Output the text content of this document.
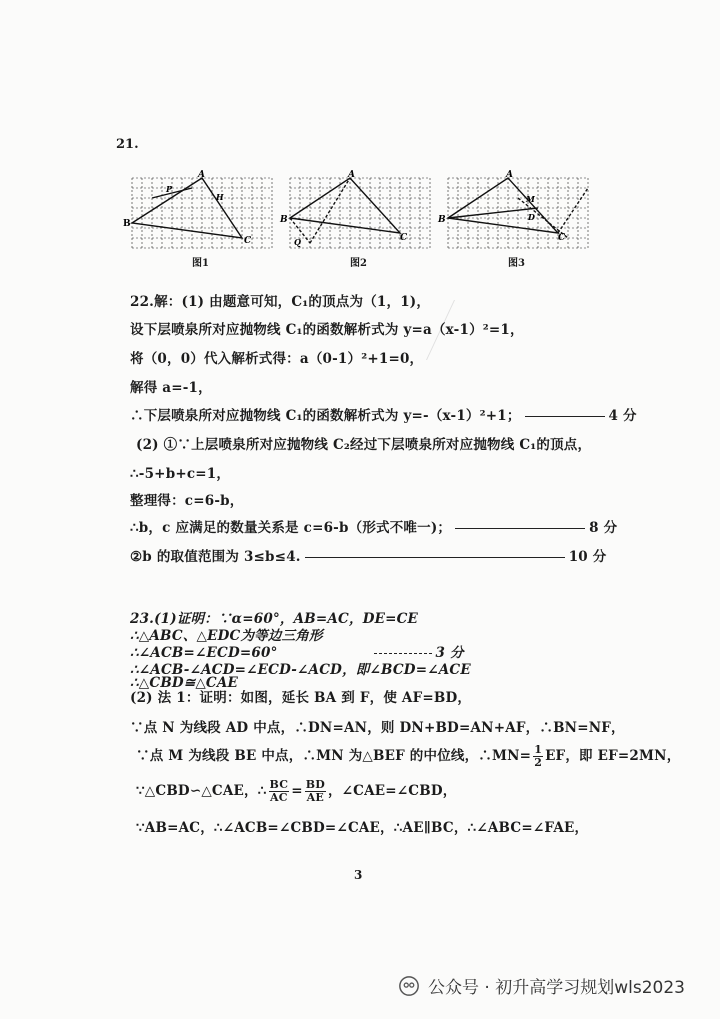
21.
B
A
C
P
H
图1
B
A
C
Q
图2
B
A
C
M
D
图3
22.解：(1) 由题意可知，C₁的顶点为（1，1)，
设下层喷泉所对应抛物线 C₁的函数解析式为 y=a（x-1）²=1，
将（0，0）代入解析式得：a（0-1）²+1=0，
解得 a=-1，
∴下层喷泉所对应抛物线 C₁的函数解析式为 y=-（x-1）²+1；	4 分
(2) ①∵上层喷泉所对应抛物线 C₂经过下层喷泉所对应抛物线 C₁的顶点，
∴-5+b+c=1，
整理得：c=6-b，
∴b，c 应满足的数量关系是 c=6-b（形式不唯一)；	8 分
②b 的取值范围为 3≤b≤4.	10 分
23.(1)证明：∵α=60°，AB=AC，DE=CE
∴△ABC、△EDC为等边三角形
∴∠ACB=∠ECD=60°	3 分
∴∠ACB-∠ACD=∠ECD-∠ACD，即∠BCD=∠ACE
∴△CBD≅△CAE
(2) 法 1：证明：如图，延长 BA 到 F，使 AF=BD，
∵点 N 为线段 AD 中点，∴DN=AN，则 DN+BD=AN+AF，∴BN=NF，
∵点 M 为线段 BE 中点，∴MN 为△BEF 的中位线，∴MN= $\frac{1}{2}$ EF，即 EF=2MN，
∵△CBD∽△CAE，∴ $\frac{BC}{AC} = \frac{BD}{AE}$ ，∠CAE=∠CBD，
∵AB=AC，∴∠ACB=∠CBD=∠CAE，∴AE∥BC，∴∠ABC=∠FAE，
3
公众号 · 初升高学习规划wls2023
